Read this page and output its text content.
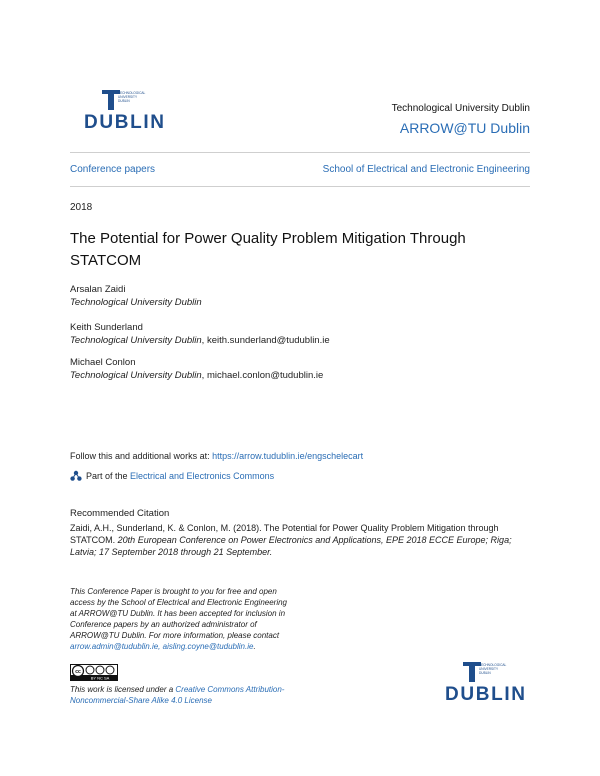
TECHNOLOGICAL
UNIVERSITY
DUBLIN
DUBLIN
Technological University Dublin
ARROW@TU Dublin
Conference papers	School of Electrical and Electronic Engineering
2018
The Potential for Power Quality Problem Mitigation Through STATCOM
Arsalan Zaidi
Technological University Dublin
Keith Sunderland
Technological University Dublin, keith.sunderland@tudublin.ie
Michael Conlon
Technological University Dublin, michael.conlon@tudublin.ie
Follow this and additional works at: https://arrow.tudublin.ie/engschelecart
Part of the Electrical and Electronics Commons
Recommended Citation
Zaidi, A.H., Sunderland, K. & Conlon, M. (2018). The Potential for Power Quality Problem Mitigation through STATCOM. 20th European Conference on Power Electronics and Applications, EPE 2018 ECCE Europe; Riga; Latvia; 17 September 2018 through 21 September.
This Conference Paper is brought to you for free and open access by the School of Electrical and Electronic Engineering at ARROW@TU Dublin. It has been accepted for inclusion in Conference papers by an authorized administrator of ARROW@TU Dublin. For more information, please contact arrow.admin@tudublin.ie, aisling.coyne@tudublin.ie.
cc
BY NC SA
This work is licensed under a Creative Commons Attribution-Noncommercial-Share Alike 4.0 License
TECHNOLOGICAL
UNIVERSITY
DUBLIN
DUBLIN
